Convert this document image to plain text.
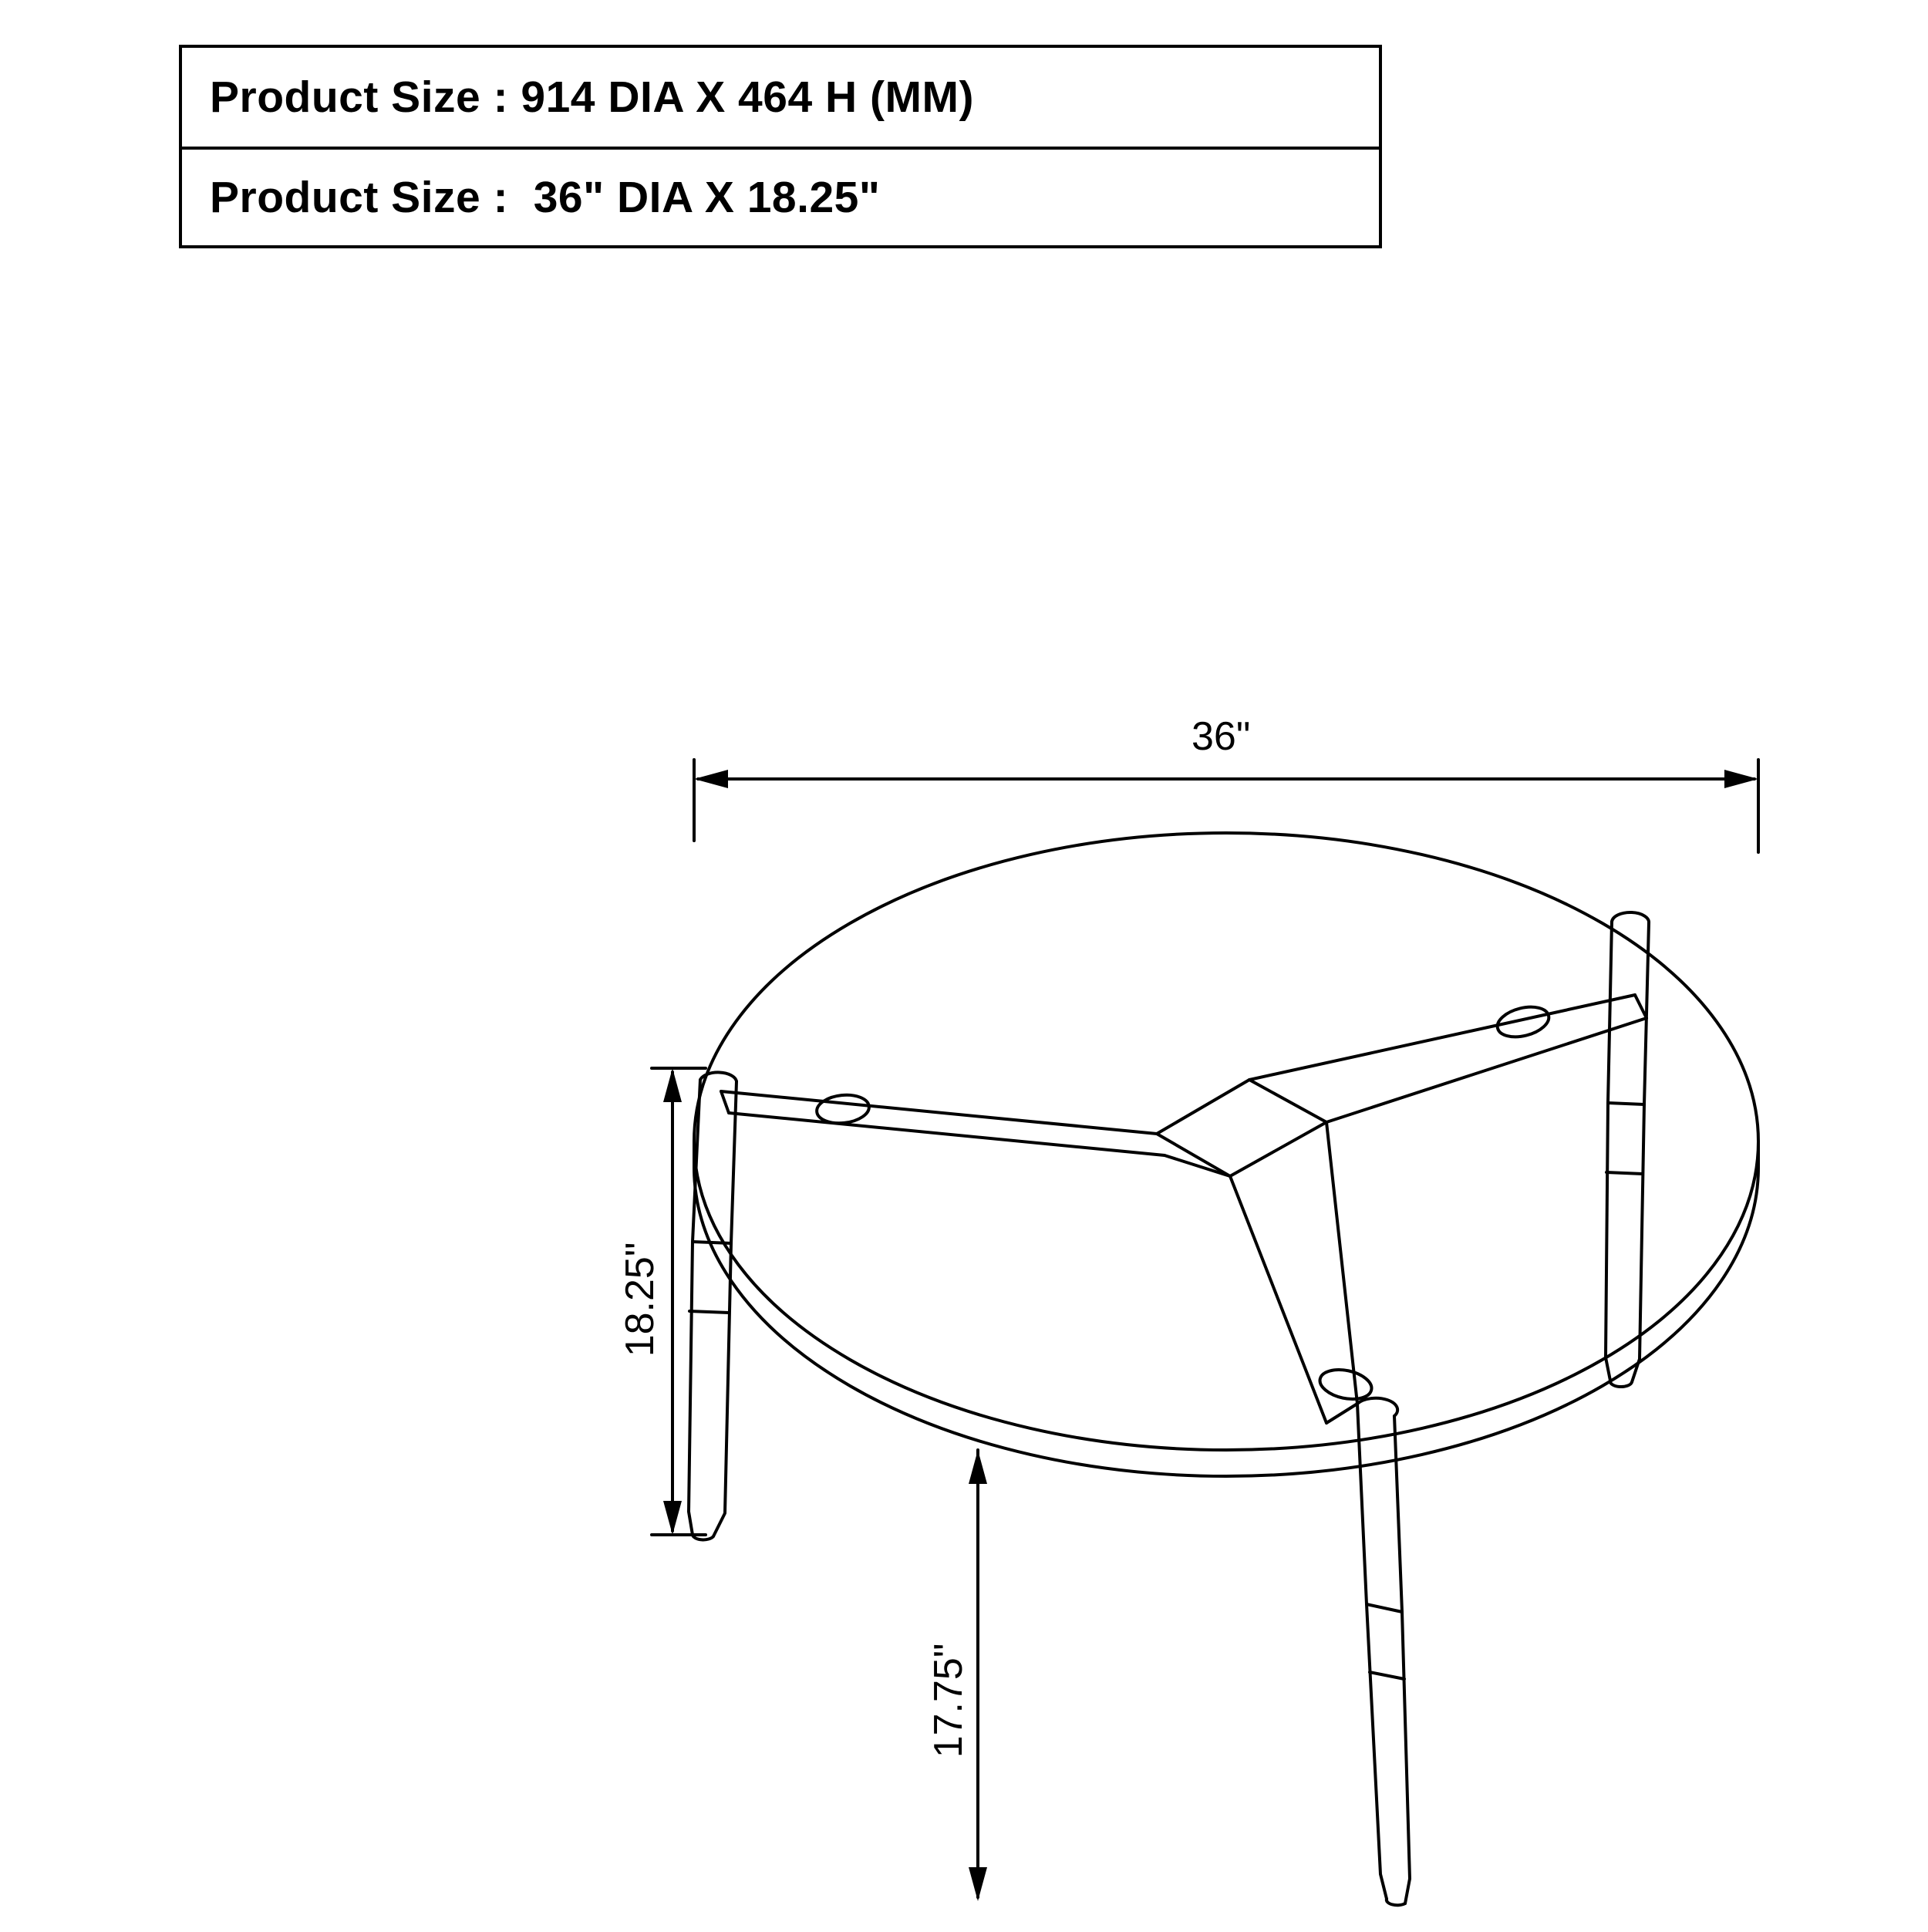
Product Size : 914 DIA X 464 H (MM)
Product Size :  36" DIA X 18.25"
36"
18.25"
17.75"
